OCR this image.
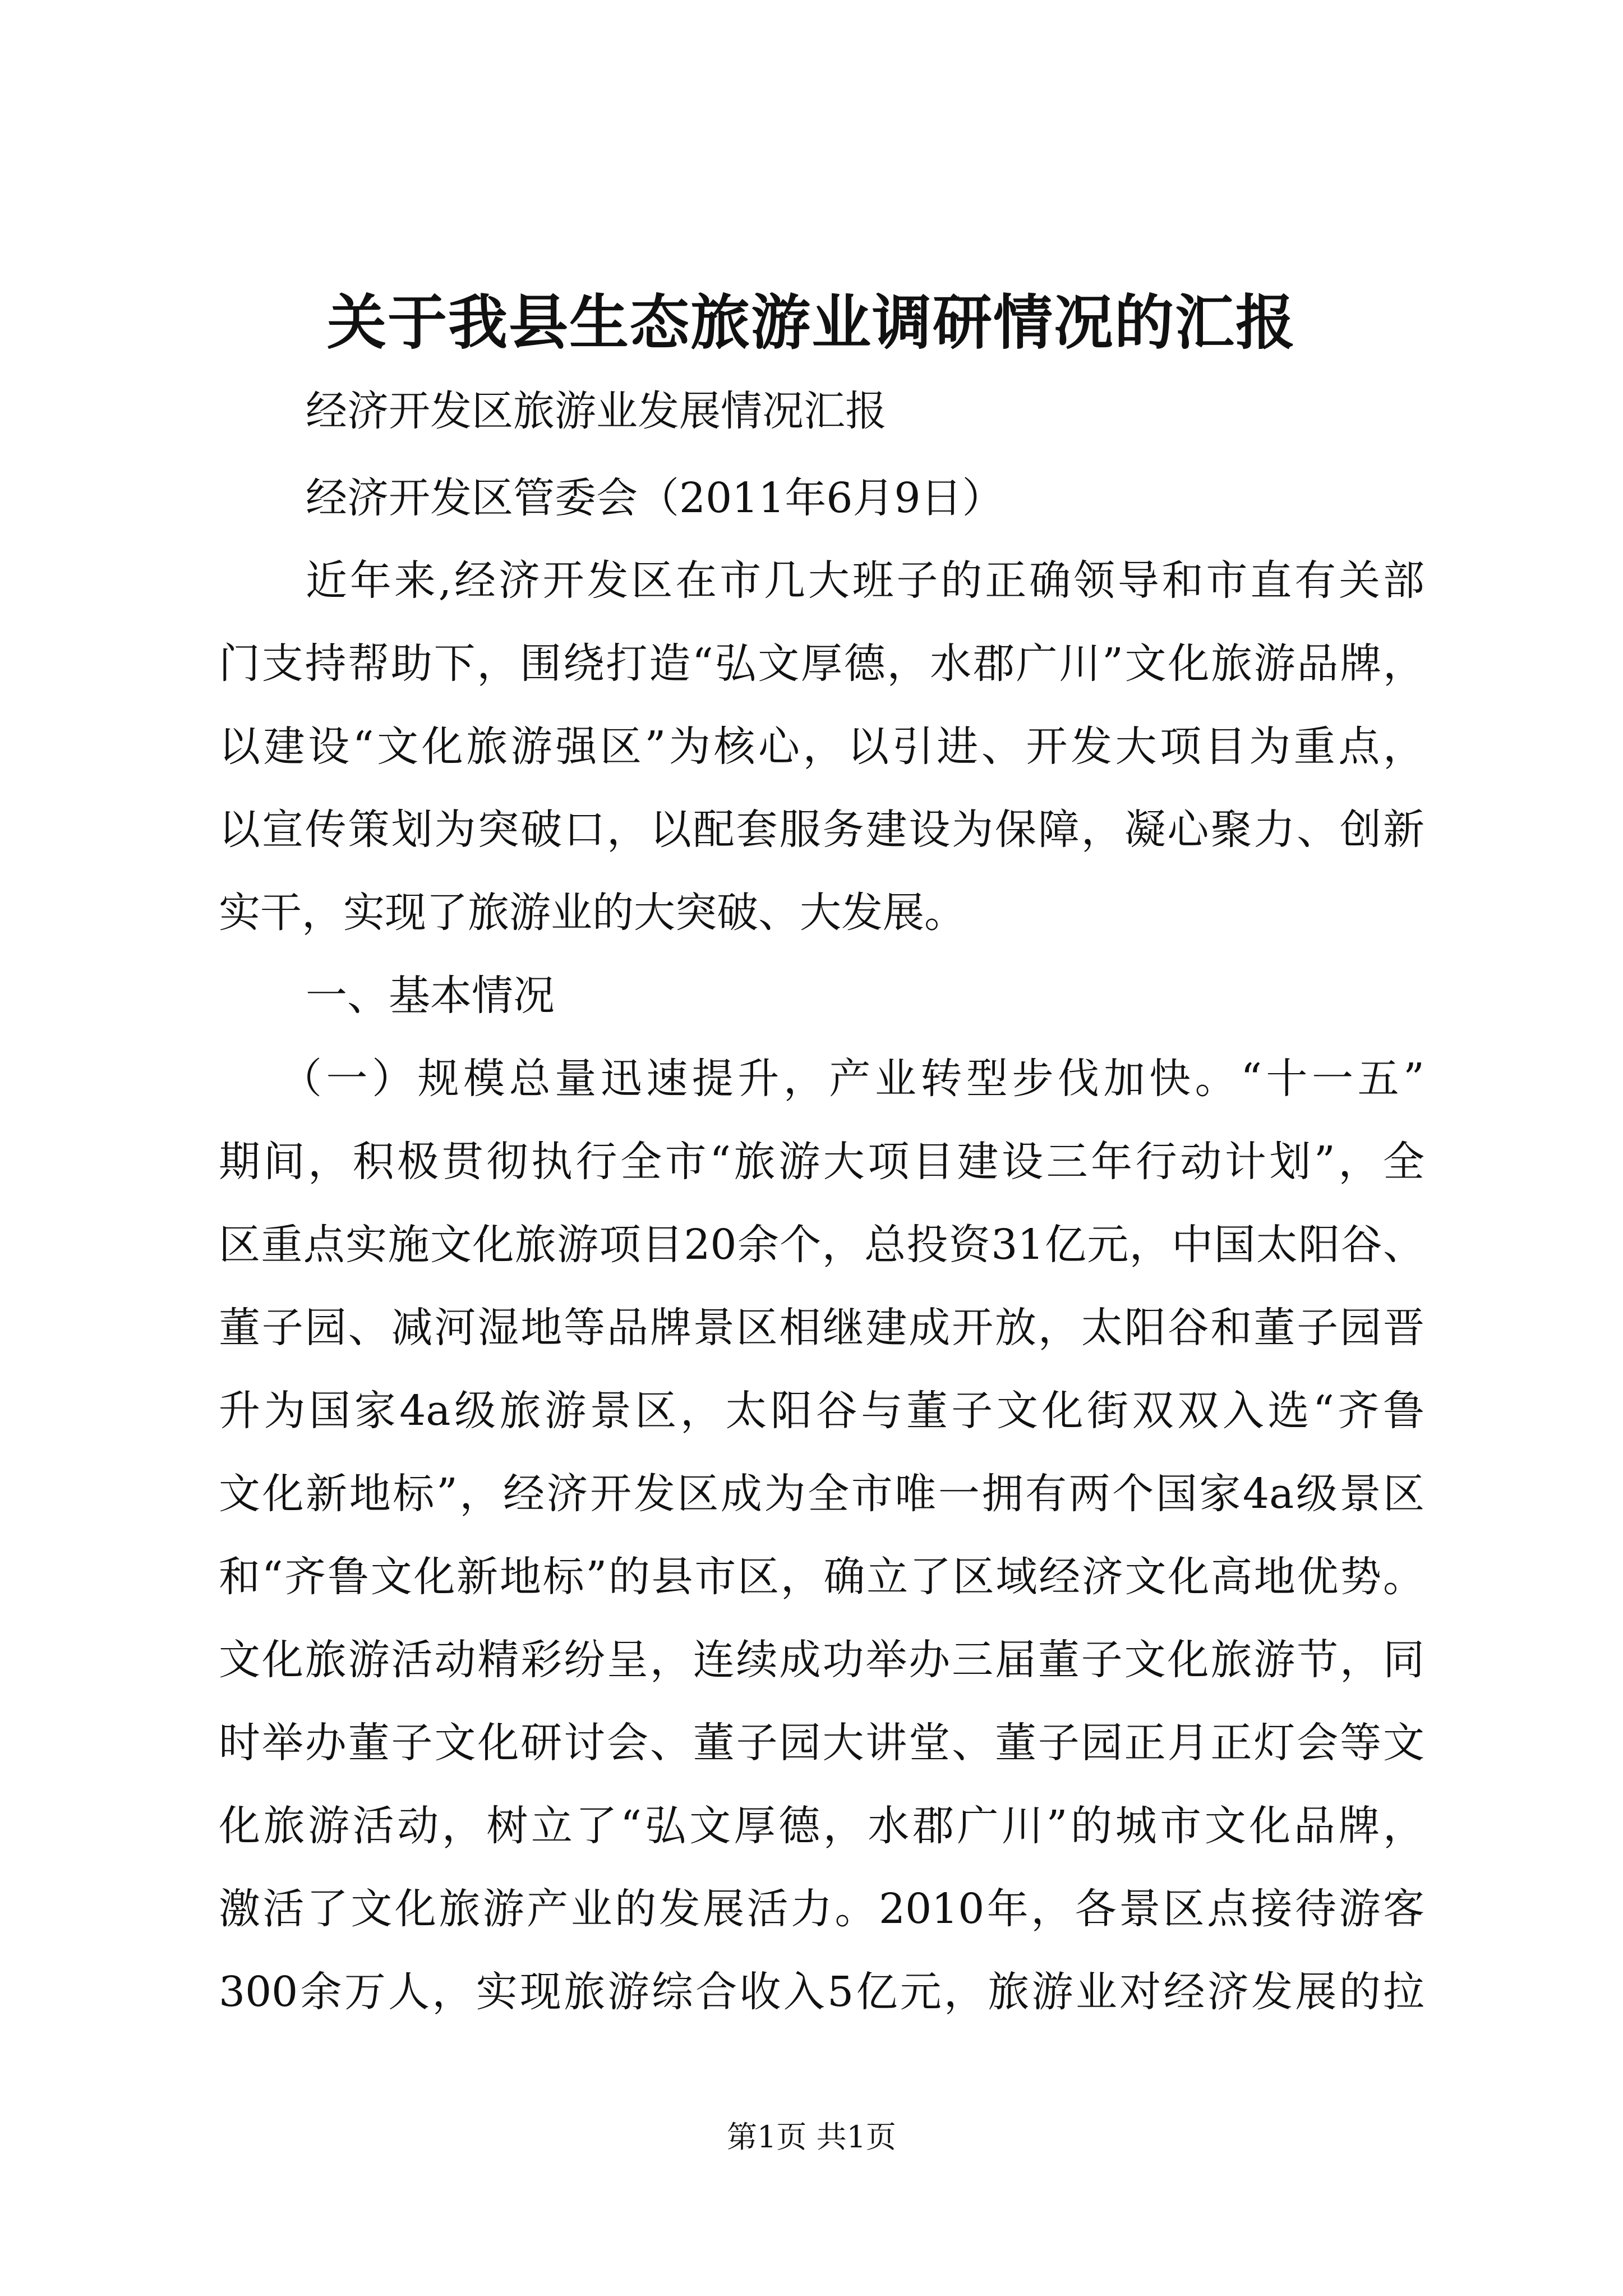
关于我县生态旅游业调研情况的汇报
经济开发区旅游业发展情况汇报
经济开发区管委会（2011年6月9日）
近年来,经济开发区在市几大班子的正确领导和市直有关部
门支持帮助下，围绕打造“弘文厚德，水郡广川”文化旅游品牌，
以建设“文化旅游强区”为核心，以引进、开发大项目为重点，
以宣传策划为突破口，以配套服务建设为保障，凝心聚力、创新
实干，实现了旅游业的大突破、大发展。
一、基本情况
（一）规模总量迅速提升，产业转型步伐加快。“十一五”
期间，积极贯彻执行全市“旅游大项目建设三年行动计划”，全
区重点实施文化旅游项目20余个，总投资31亿元，中国太阳谷、
董子园、减河湿地等品牌景区相继建成开放，太阳谷和董子园晋
升为国家4a级旅游景区，太阳谷与董子文化街双双入选“齐鲁
文化新地标”，经济开发区成为全市唯一拥有两个国家4a级景区
和“齐鲁文化新地标”的县市区，确立了区域经济文化高地优势。
文化旅游活动精彩纷呈，连续成功举办三届董子文化旅游节，同
时举办董子文化研讨会、董子园大讲堂、董子园正月正灯会等文
化旅游活动，树立了“弘文厚德，水郡广川”的城市文化品牌，
激活了文化旅游产业的发展活力。2010年，各景区点接待游客
300余万人，实现旅游综合收入5亿元，旅游业对经济发展的拉
第1页 共1页
